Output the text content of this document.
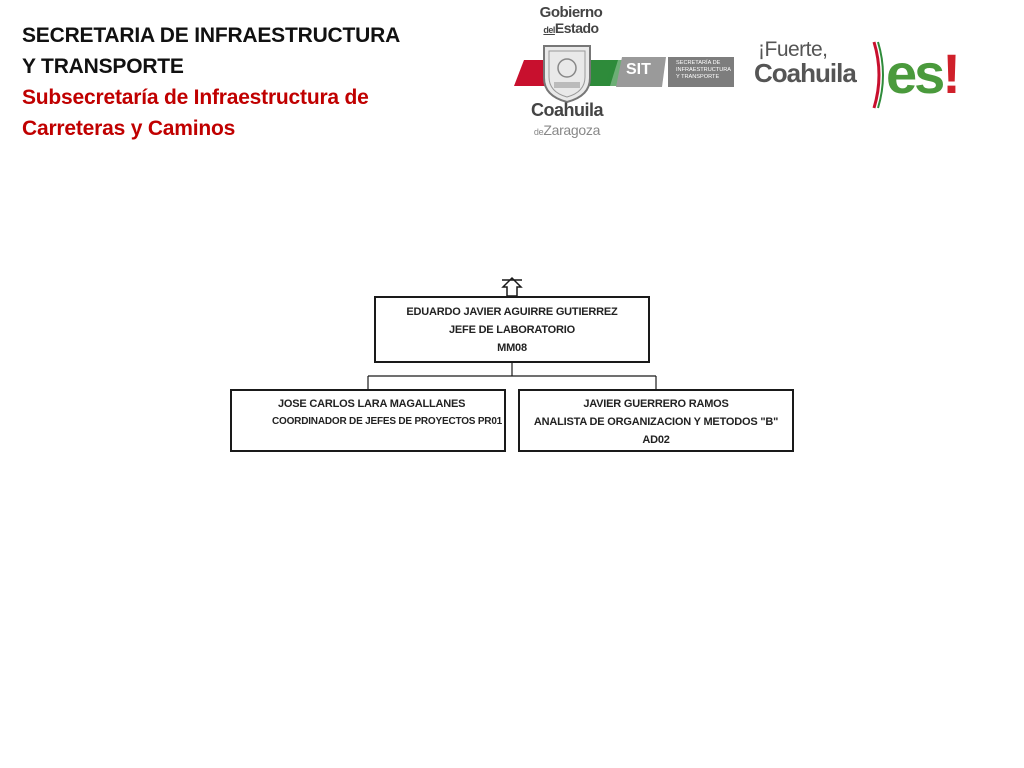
SECRETARIA DE INFRAESTRUCTURA
Y TRANSPORTE
Subsecretaría de Infraestructura de
Carreteras y Caminos
Gobierno
delEstado
Coahuila
deZaragoza
SIT	SECRETARÍA DE
INFRAESTRUCTURA
Y TRANSPORTE
¡Fuerte,
Coahuila es!
EDUARDO JAVIER AGUIRRE GUTIERREZ
JEFE DE LABORATORIO
MM08
JOSE CARLOS LARA MAGALLANES
COORDINADOR DE JEFES DE PROYECTOS PR01
JAVIER GUERRERO RAMOS
ANALISTA DE ORGANIZACION Y METODOS "B"
AD02
